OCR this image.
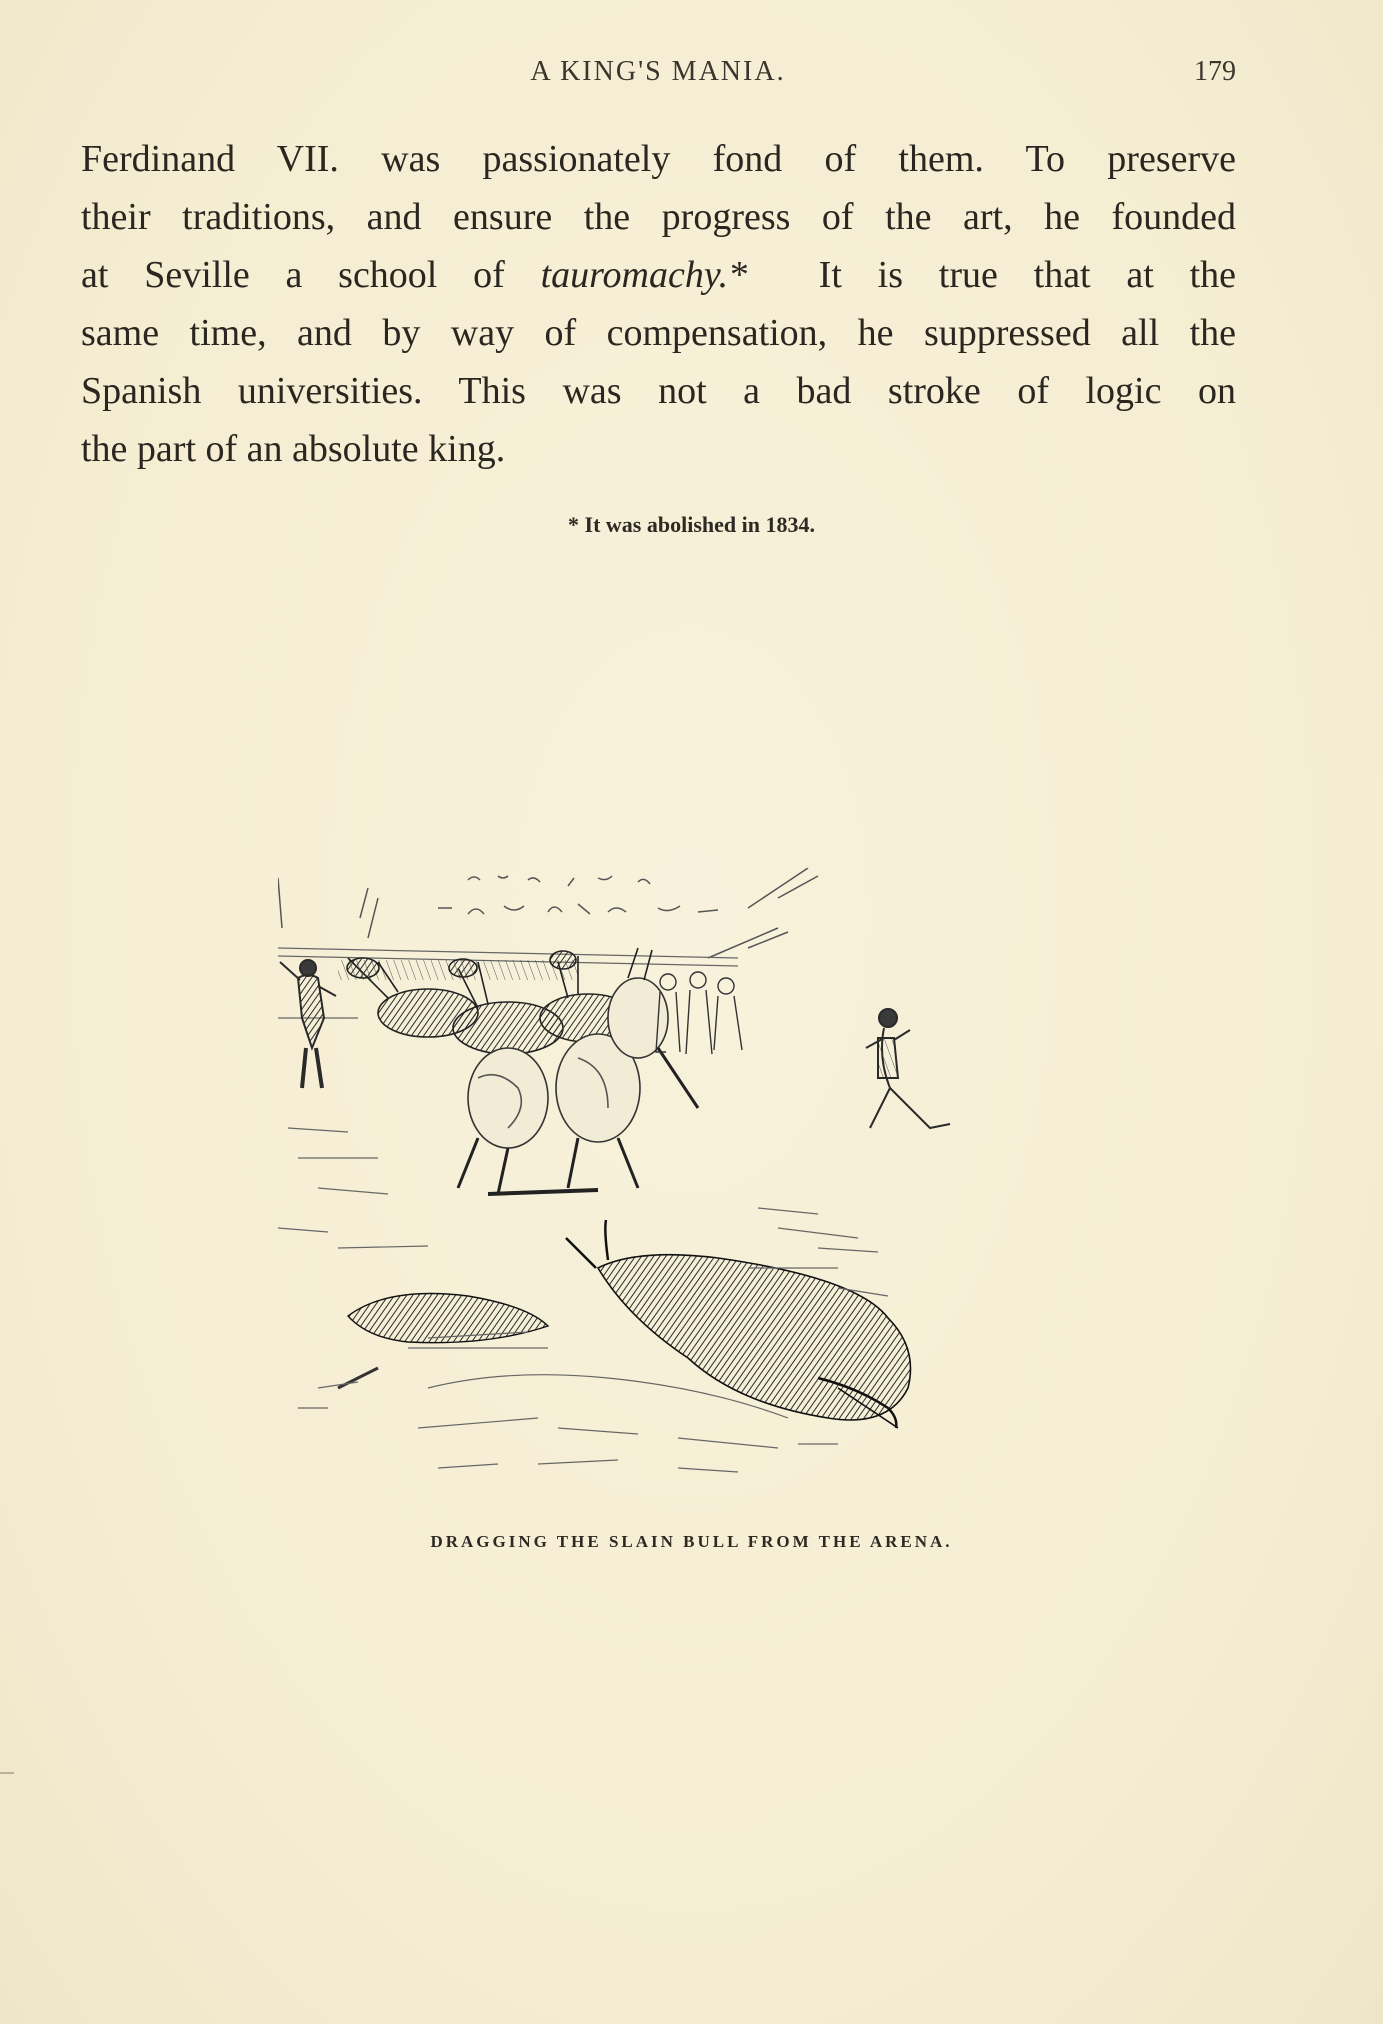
A KING'S MANIA.	179
Ferdinand VII. was passionately fond of them. To preserve
their traditions, and ensure the progress of the art, he founded
at Seville a school of tauromachy.* It is true that at the
same time, and by way of compensation, he suppressed all the
Spanish universities. This was not a bad stroke of logic on
the part of an absolute king.
* It was abolished in 1834.
DRAGGING THE SLAIN BULL FROM THE ARENA.
